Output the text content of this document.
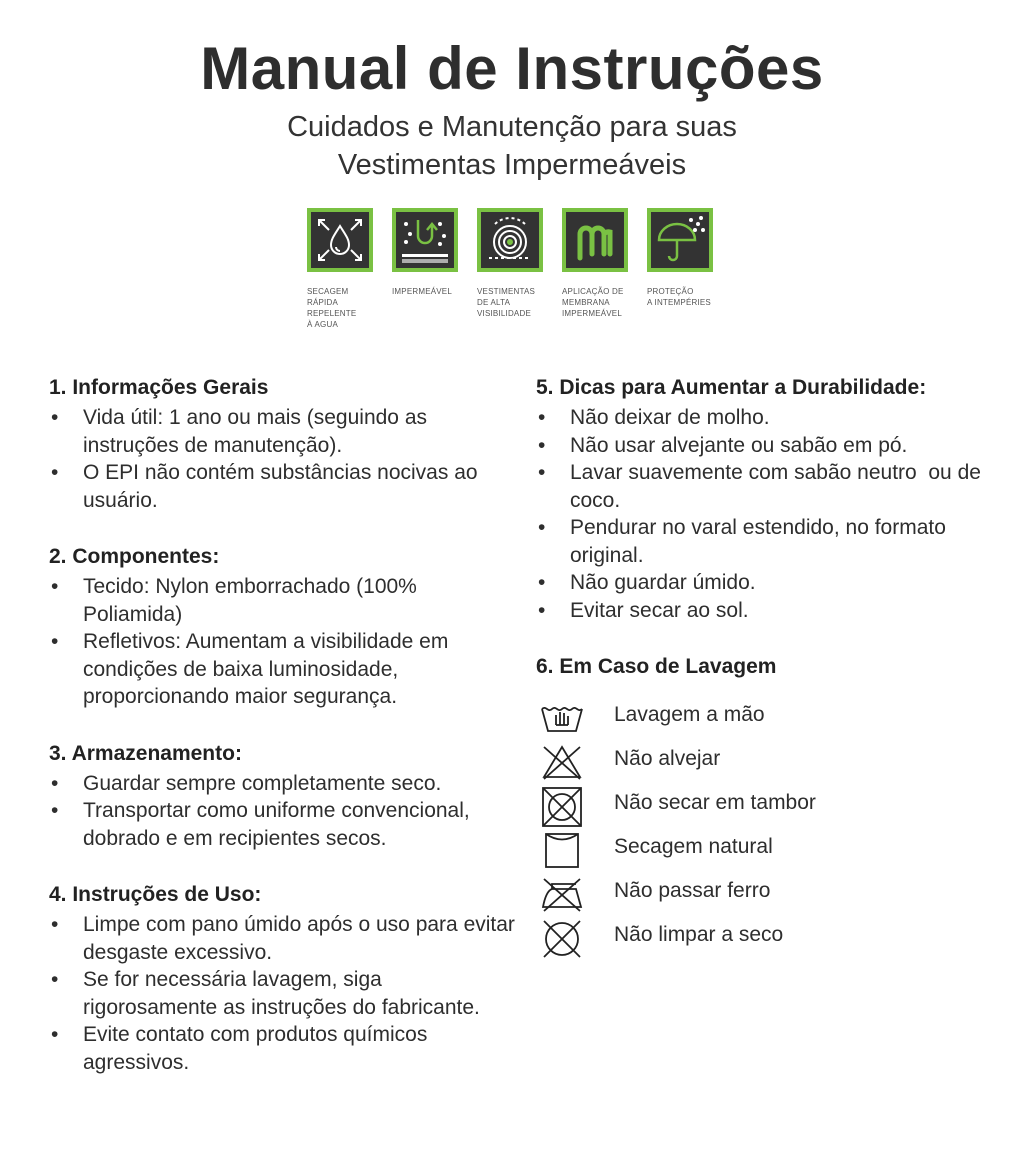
Manual de Instruções
Cuidados e Manutenção para suas
Vestimentas Impermeáveis
SECAGEM
RÁPIDA
REPELENTE
À AGUA
IMPERMEÁVEL	VESTIMENTAS
DE ALTA
VISIBILIDADE
APLICAÇÃO DE
MEMBRANA
IMPERMEÁVEL
PROTEÇÃO
A INTEMPÉRIES
1. Informações Gerais
• Vida útil: 1 ano ou mais (seguindo as instruções de manutenção).
• O EPI não contém substâncias nocivas ao usuário.
2. Componentes:
• Tecido: Nylon emborrachado (100% Poliamida)
• Refletivos: Aumentam a visibilidade em condições de baixa luminosidade, proporcionando maior segurança.
3. Armazenamento:
• Guardar sempre completamente seco.
• Transportar como uniforme convencional, dobrado e em recipientes secos.
4. Instruções de Uso:
• Limpe com pano úmido após o uso para evitar desgaste excessivo.
• Se for necessária lavagem, siga rigorosamente as instruções do fabricante.
• Evite contato com produtos químicos agressivos.
5. Dicas para Aumentar a Durabilidade:
• Não deixar de molho.
• Não usar alvejante ou sabão em pó.
• Lavar suavemente com sabão neutro  ou de coco.
• Pendurar no varal estendido, no formato original.
• Não guardar úmido.
• Evitar secar ao sol.
6. Em Caso de Lavagem
Lavagem a mão
Não alvejar
Não secar em tambor
Secagem natural
Não passar ferro
Não limpar a seco
